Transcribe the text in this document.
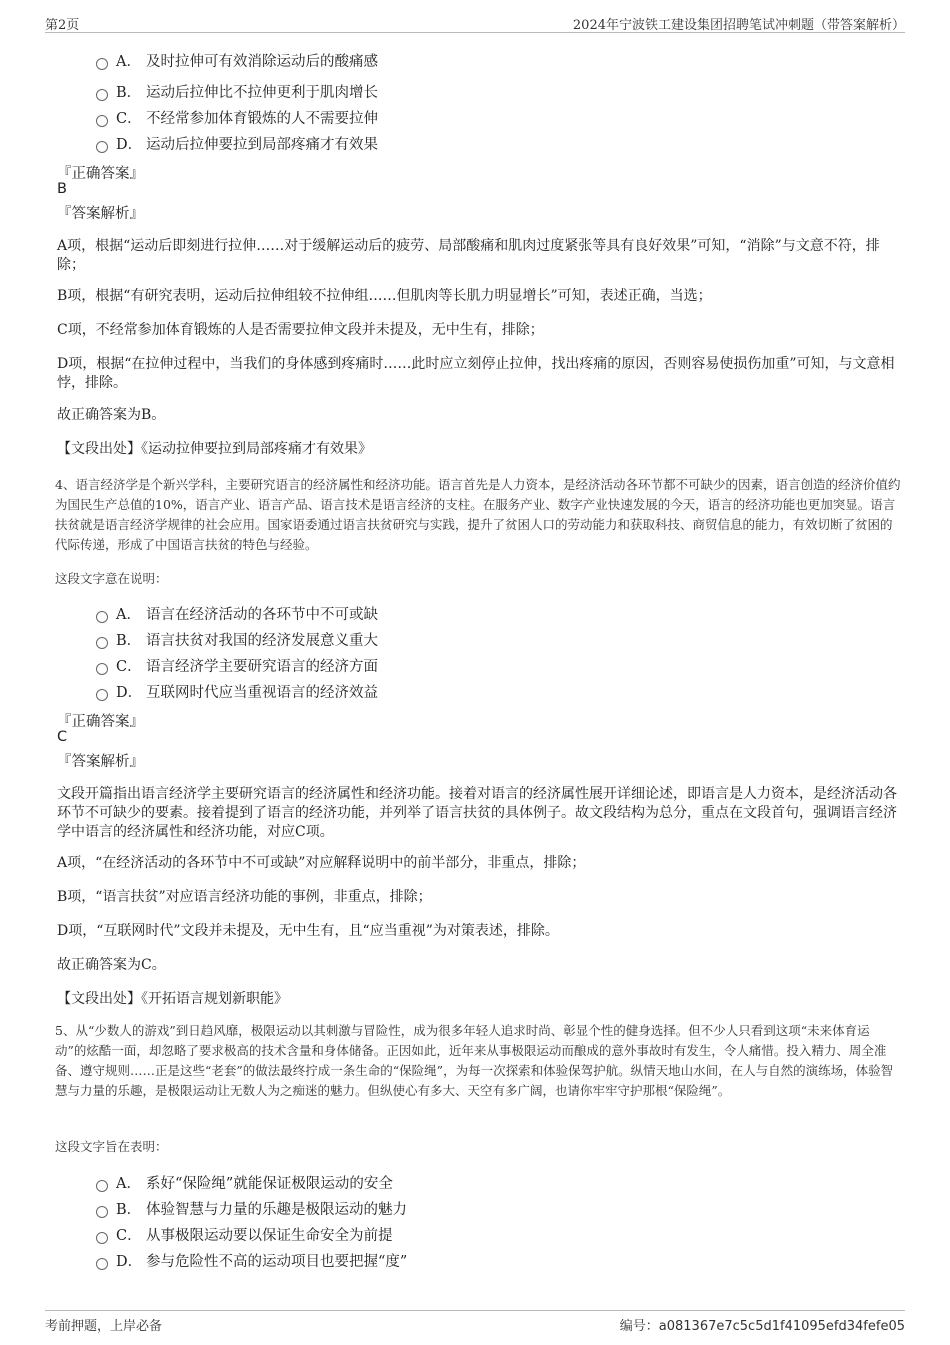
第2页	2024年宁波铁工建设集团招聘笔试冲刺题（带答案解析）
A． 及时拉伸可有效消除运动后的酸痛感
B． 运动后拉伸比不拉伸更利于肌肉增长
C． 不经常参加体育锻炼的人不需要拉伸
D． 运动后拉伸要拉到局部疼痛才有效果
『正确答案』
B
『答案解析』
A项，根据“运动后即刻进行拉伸……对于缓解运动后的疲劳、局部酸痛和肌肉过度紧张等具有良好效果”可知，“消除”与文意不符，排除；
B项，根据“有研究表明，运动后拉伸组较不拉伸组……但肌肉等长肌力明显增长”可知，表述正确，当选；
C项，不经常参加体育锻炼的人是否需要拉伸文段并未提及，无中生有，排除；
D项，根据“在拉伸过程中，当我们的身体感到疼痛时……此时应立刻停止拉伸，找出疼痛的原因，否则容易使损伤加重”可知，与文意相悖，排除。
故正确答案为B。
【文段出处】《运动拉伸要拉到局部疼痛才有效果》
4、语言经济学是个新兴学科，主要研究语言的经济属性和经济功能。语言首先是人力资本，是经济活动各环节都不可缺少的因素，语言创造的经济价值约为国民生产总值的10%，语言产业、语言产品、语言技术是语言经济的支柱。在服务产业、数字产业快速发展的今天，语言的经济功能也更加突显。语言扶贫就是语言经济学规律的社会应用。国家语委通过语言扶贫研究与实践，提升了贫困人口的劳动能力和获取科技、商贸信息的能力，有效切断了贫困的代际传递，形成了中国语言扶贫的特色与经验。
这段文字意在说明：
A． 语言在经济活动的各环节中不可或缺
B． 语言扶贫对我国的经济发展意义重大
C． 语言经济学主要研究语言的经济方面
D． 互联网时代应当重视语言的经济效益
『正确答案』
C
『答案解析』
文段开篇指出语言经济学主要研究语言的经济属性和经济功能。接着对语言的经济属性展开详细论述，即语言是人力资本，是经济活动各环节不可缺少的要素。接着提到了语言的经济功能，并列举了语言扶贫的具体例子。故文段结构为总分，重点在文段首句，强调语言经济学中语言的经济属性和经济功能，对应C项。
A项，“在经济活动的各环节中不可或缺”对应解释说明中的前半部分，非重点，排除；
B项，“语言扶贫”对应语言经济功能的事例，非重点，排除；
D项，“互联网时代”文段并未提及，无中生有，且“应当重视”为对策表述，排除。
故正确答案为C。
【文段出处】《开拓语言规划新职能》
5、从“少数人的游戏”到日趋风靡，极限运动以其刺激与冒险性，成为很多年轻人追求时尚、彰显个性的健身选择。但不少人只看到这项“未来体育运动”的炫酷一面，却忽略了要求极高的技术含量和身体储备。正因如此，近年来从事极限运动而酿成的意外事故时有发生，令人痛惜。投入精力、周全准备、遵守规则……正是这些“老套”的做法最终拧成一条生命的“保险绳”，为每一次探索和体验保驾护航。纵情天地山水间，在人与自然的演练场，体验智慧与力量的乐趣，是极限运动让无数人为之痴迷的魅力。但纵使心有多大、天空有多广阔，也请你牢牢守护那根“保险绳”。
这段文字旨在表明：
A． 系好“保险绳”就能保证极限运动的安全
B． 体验智慧与力量的乐趣是极限运动的魅力
C． 从事极限运动要以保证生命安全为前提
D． 参与危险性不高的运动项目也要把握“度”
考前押题，上岸必备	编号：a081367e7c5c5d1f41095efd34fefe05
